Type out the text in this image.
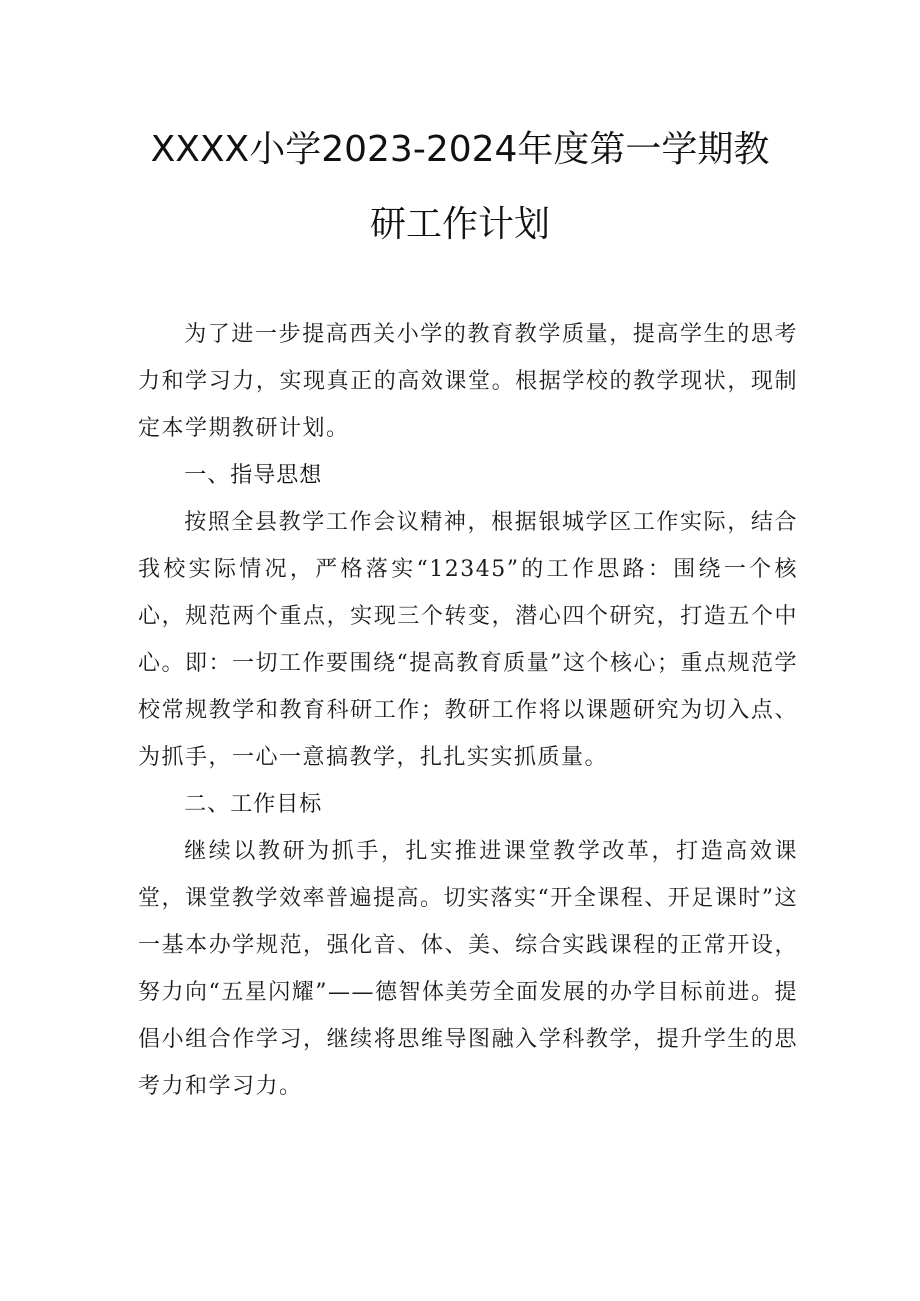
XXXX小学2023-2024年度第一学期教
研工作计划

为了进一步提高西关小学的教育教学质量，提高学生的思考力和学习力，实现真正的高效课堂。根据学校的教学现状，现制定本学期教研计划。

一、指导思想

按照全县教学工作会议精神，根据银城学区工作实际，结合我校实际情况，严格落实“12345”的工作思路：围绕一个核心，规范两个重点，实现三个转变，潜心四个研究，打造五个中心。即：一切工作要围绕“提高教育质量”这个核心；重点规范学校常规教学和教育科研工作；教研工作将以课题研究为切入点、为抓手，一心一意搞教学，扎扎实实抓质量。

二、工作目标

继续以教研为抓手，扎实推进课堂教学改革，打造高效课堂，课堂教学效率普遍提高。切实落实“开全课程、开足课时”这一基本办学规范，强化音、体、美、综合实践课程的正常开设，努力向“五星闪耀”——德智体美劳全面发展的办学目标前进。提倡小组合作学习，继续将思维导图融入学科教学，提升学生的思考力和学习力。
